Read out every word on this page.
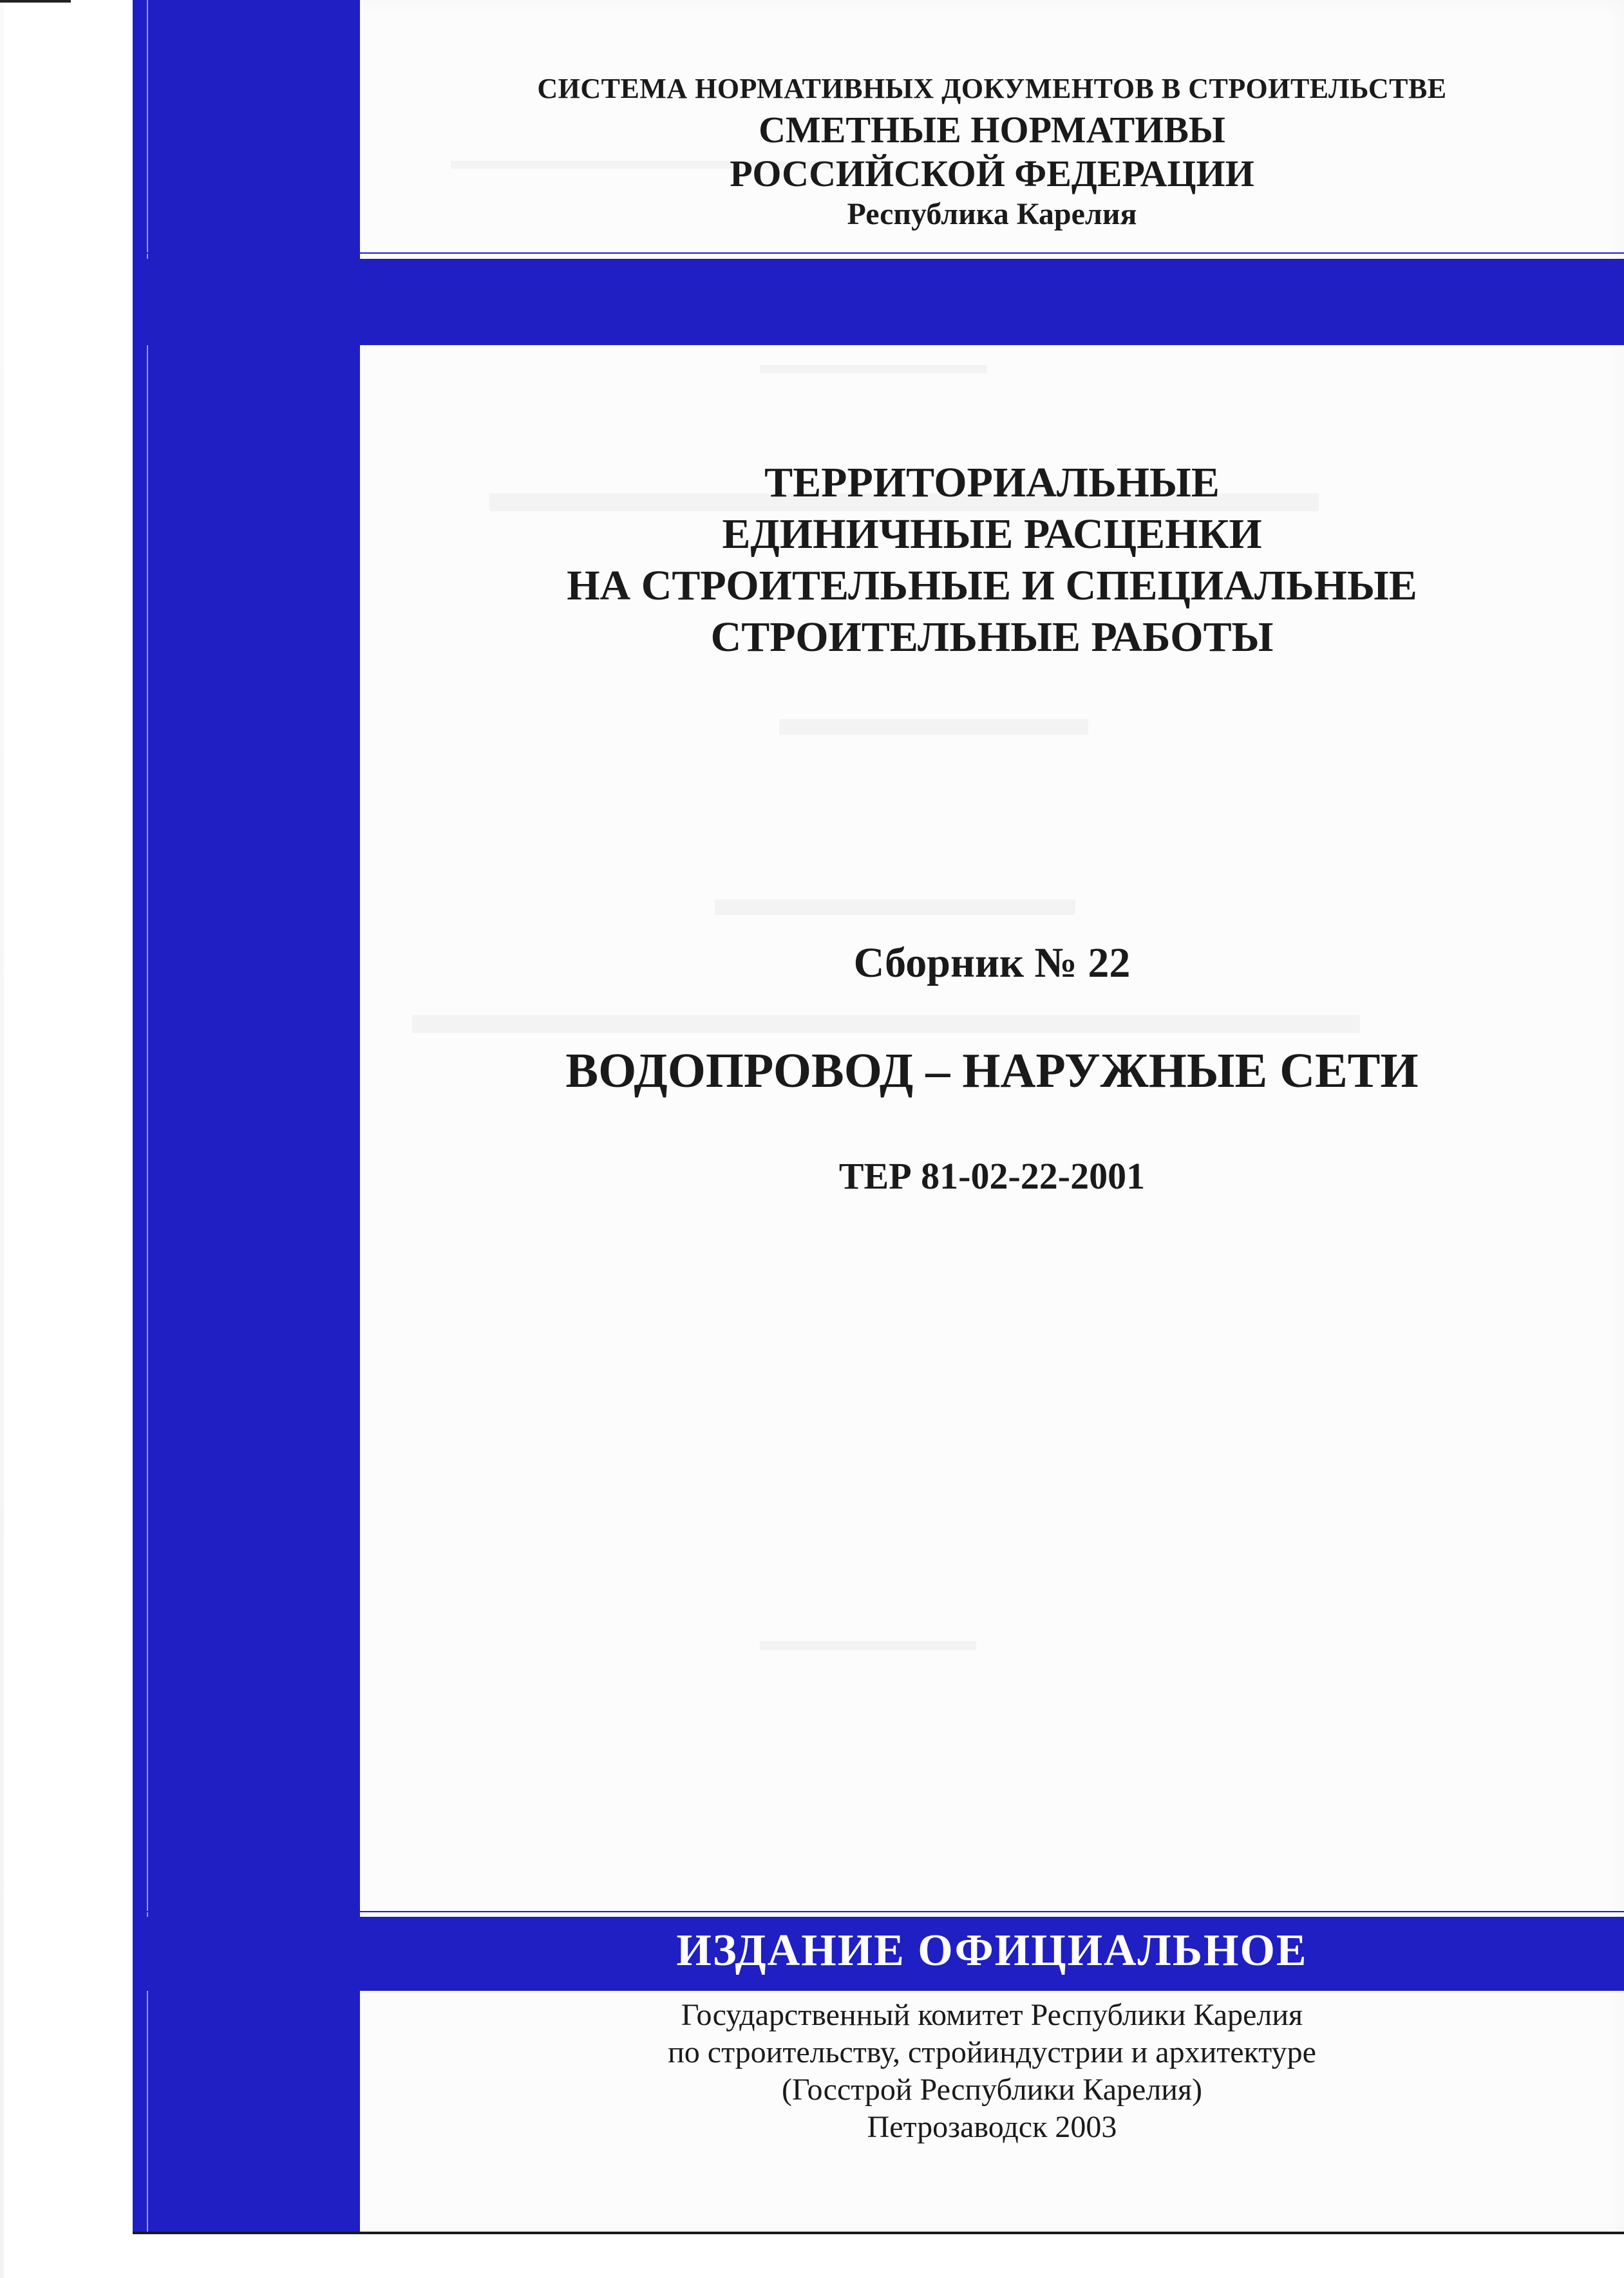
СИСТЕМА НОРМАТИВНЫХ ДОКУМЕНТОВ В СТРОИТЕЛЬСТВЕ
СМЕТНЫЕ НОРМАТИВЫ
РОССИЙСКОЙ ФЕДЕРАЦИИ
Республика Карелия
ТЕРРИТОРИАЛЬНЫЕ
ЕДИНИЧНЫЕ РАСЦЕНКИ
НА СТРОИТЕЛЬНЫЕ И СПЕЦИАЛЬНЫЕ
СТРОИТЕЛЬНЫЕ РАБОТЫ
Сборник № 22
ВОДОПРОВОД – НАРУЖНЫЕ СЕТИ
ТЕР 81-02-22-2001
ИЗДАНИЕ ОФИЦИАЛЬНОЕ
Государственный комитет Республики Карелия
по строительству, стройиндустрии и архитектуре
(Госстрой Республики Карелия)
Петрозаводск 2003
